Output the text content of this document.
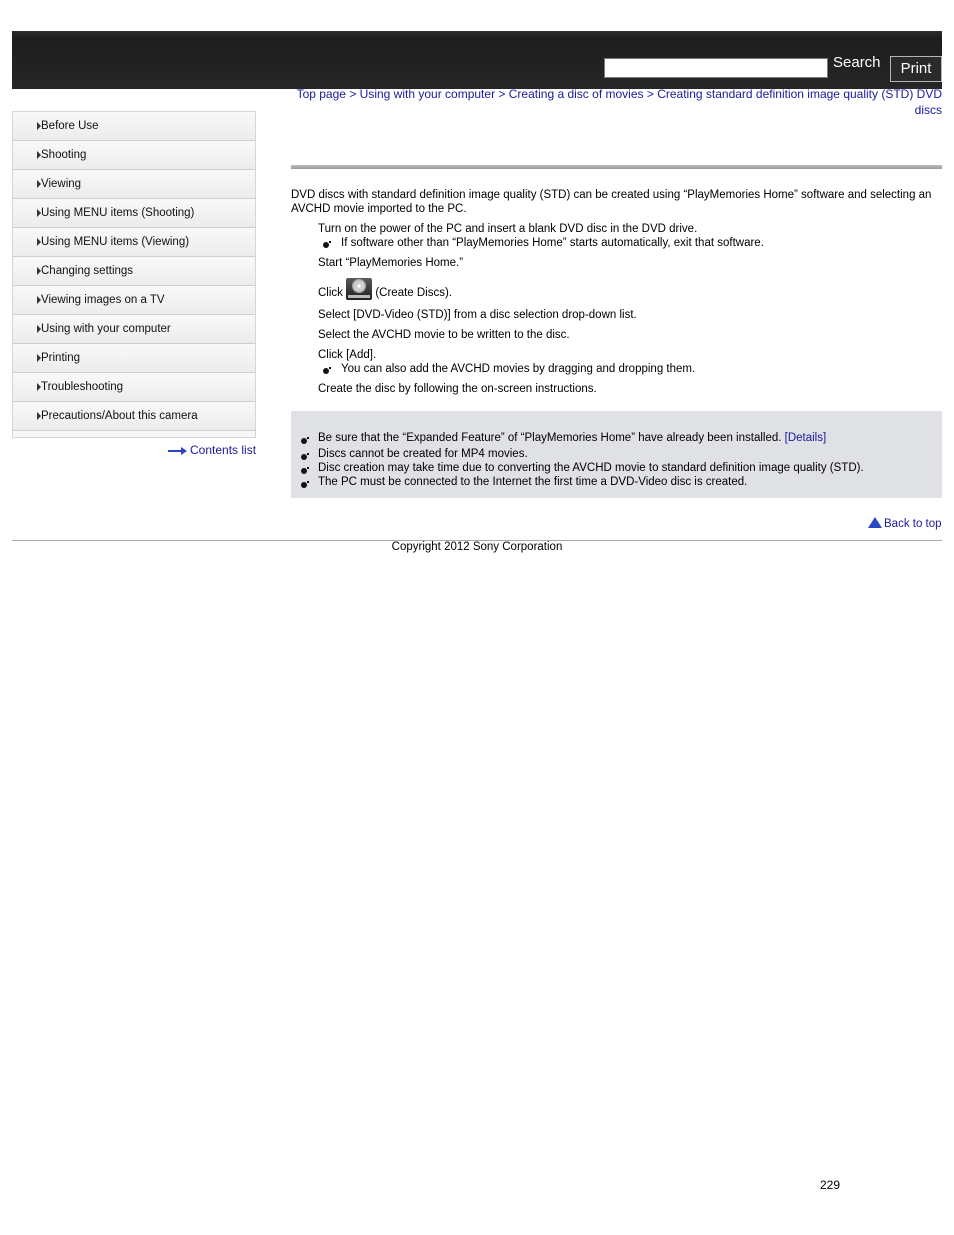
Search	Print
Top page > Using with your computer > Creating a disc of movies > Creating standard definition image quality (STD) DVD discs
Before Use
Shooting
Viewing
Using MENU items (Shooting)
Using MENU items (Viewing)
Changing settings
Viewing images on a TV
Using with your computer
Printing
Troubleshooting
Precautions/About this camera
Contents list
DVD discs with standard definition image quality (STD) can be created using “PlayMemories Home” software and selecting an AVCHD movie imported to the PC.
Turn on the power of the PC and insert a blank DVD disc in the DVD drive.
If software other than “PlayMemories Home” starts automatically, exit that software.
Start “PlayMemories Home.”
Click	(Create Discs).
Select [DVD-Video (STD)] from a disc selection drop-down list.
Select the AVCHD movie to be written to the disc.
Click [Add].
You can also add the AVCHD movies by dragging and dropping them.
Create the disc by following the on-screen instructions.
Be sure that the “Expanded Feature” of “PlayMemories Home” have already been installed. [Details]
Discs cannot be created for MP4 movies.
Disc creation may take time due to converting the AVCHD movie to standard definition image quality (STD).
The PC must be connected to the Internet the first time a DVD-Video disc is created.
Back to top
Copyright 2012 Sony Corporation
229
